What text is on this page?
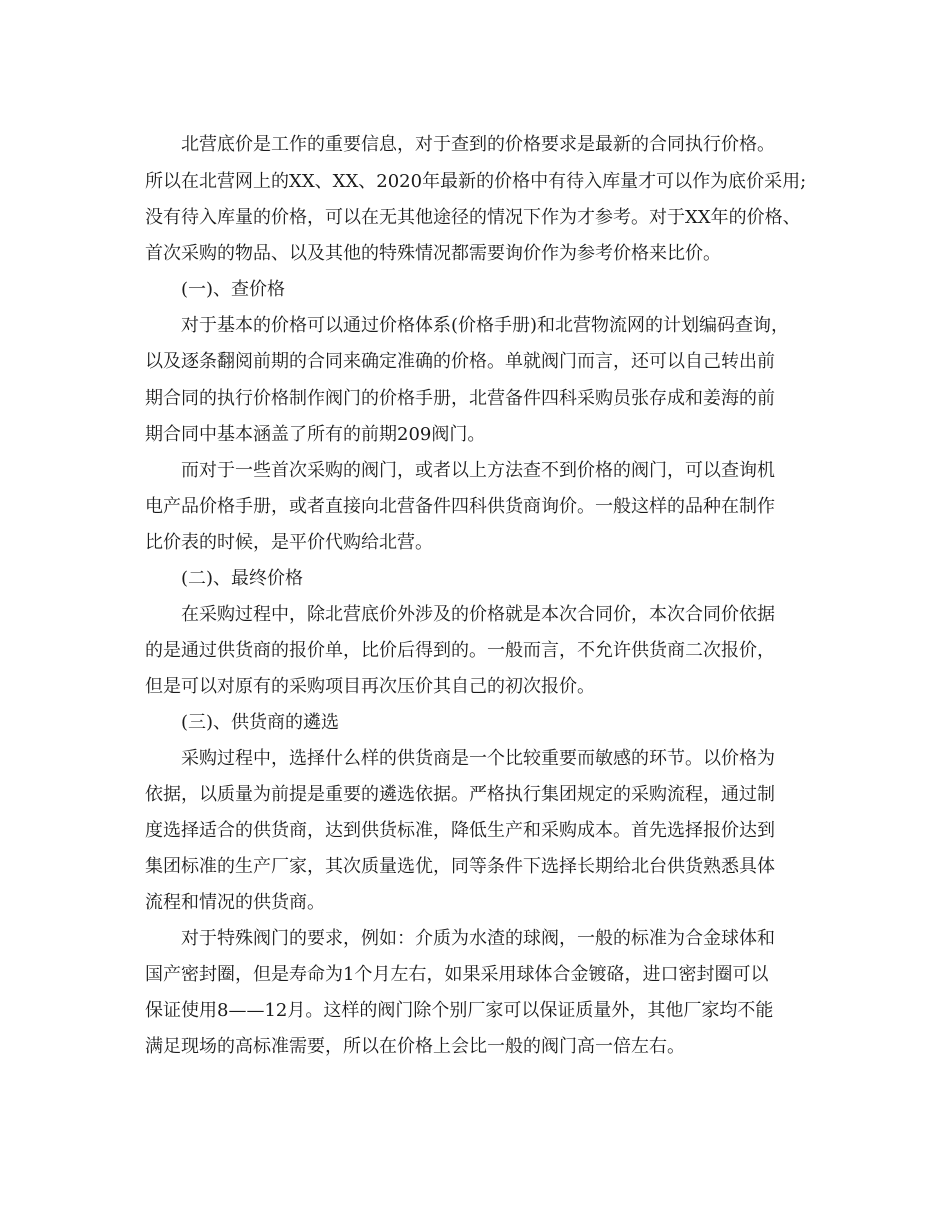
北营底价是工作的重要信息，对于查到的价格要求是最新的合同执行价格。

所以在北营网上的XX、XX、2020年最新的价格中有待入库量才可以作为底价采用;

没有待入库量的价格，可以在无其他途径的情况下作为才参考。对于XX年的价格、

首次采购的物品、以及其他的特殊情况都需要询价作为参考价格来比价。

(一)、查价格

对于基本的价格可以通过价格体系(价格手册)和北营物流网的计划编码查询，

以及逐条翻阅前期的合同来确定准确的价格。单就阀门而言，还可以自己转出前

期合同的执行价格制作阀门的价格手册，北营备件四科采购员张存成和姜海的前

期合同中基本涵盖了所有的前期209阀门。

而对于一些首次采购的阀门，或者以上方法查不到价格的阀门，可以查询机

电产品价格手册，或者直接向北营备件四科供货商询价。一般这样的品种在制作

比价表的时候，是平价代购给北营。

(二)、最终价格

在采购过程中，除北营底价外涉及的价格就是本次合同价，本次合同价依据

的是通过供货商的报价单，比价后得到的。一般而言，不允许供货商二次报价，

但是可以对原有的采购项目再次压价其自己的初次报价。

(三)、供货商的遴选

采购过程中，选择什么样的供货商是一个比较重要而敏感的环节。以价格为

依据，以质量为前提是重要的遴选依据。严格执行集团规定的采购流程，通过制

度选择适合的供货商，达到供货标准，降低生产和采购成本。首先选择报价达到

集团标准的生产厂家，其次质量选优，同等条件下选择长期给北台供货熟悉具体

流程和情况的供货商。

对于特殊阀门的要求，例如：介质为水渣的球阀，一般的标准为合金球体和

国产密封圈，但是寿命为1个月左右，如果采用球体合金镀硌，进口密封圈可以

保证使用8——12月。这样的阀门除个别厂家可以保证质量外，其他厂家均不能

满足现场的高标准需要，所以在价格上会比一般的阀门高一倍左右。
